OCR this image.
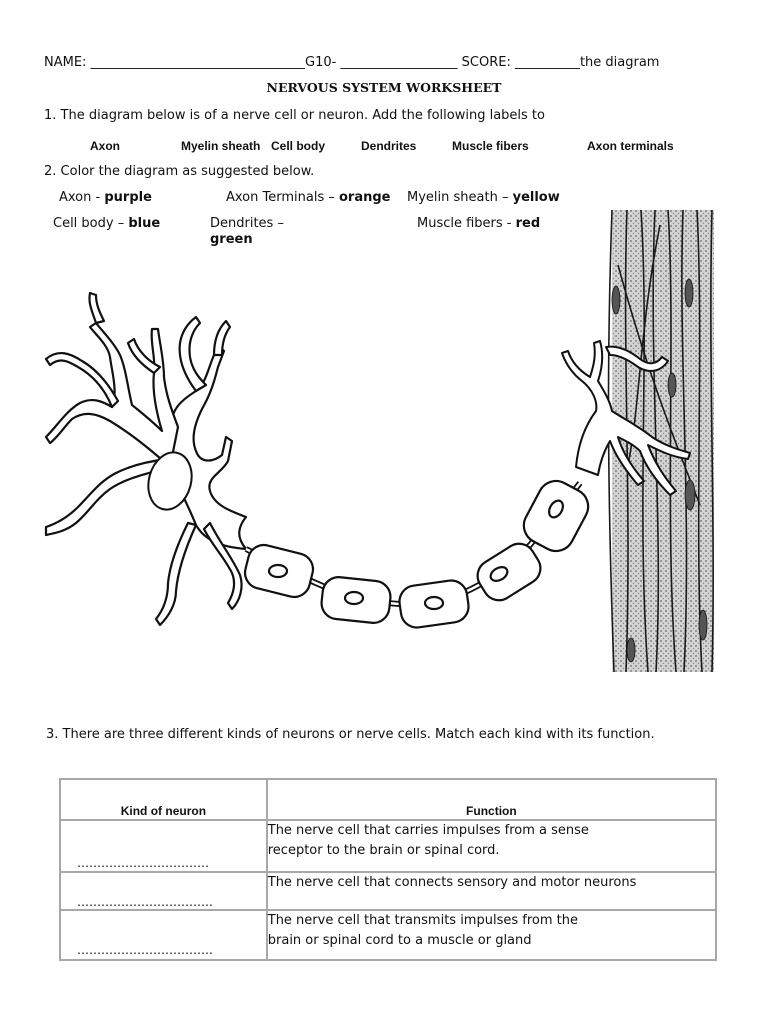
NAME: _________________________________G10- __________________ SCORE: __________the diagram
NERVOUS SYSTEM WORKSHEET
1. The diagram below is of a nerve cell or neuron. Add the following labels to
Axon	Myelin sheath Cell body	Dendrites	Muscle fibers	Axon terminals
2. Color the diagram as suggested below.
Axon - purple	Axon Terminals – orange Myelin sheath – yellow
Cell body – blue	Dendrites – green
Muscle fibers - red
3. There are three different kinds of neurons or nerve cells. Match each kind with its function.
Kind of neuron	Function

……………………………	The nerve cell that carries impulses from a sense
receptor to the brain or spinal cord.

…………………………….	The nerve cell that connects sensory and motor neurons

…………………………….	The nerve cell that transmits impulses from the
brain or spinal cord to a muscle or gland
